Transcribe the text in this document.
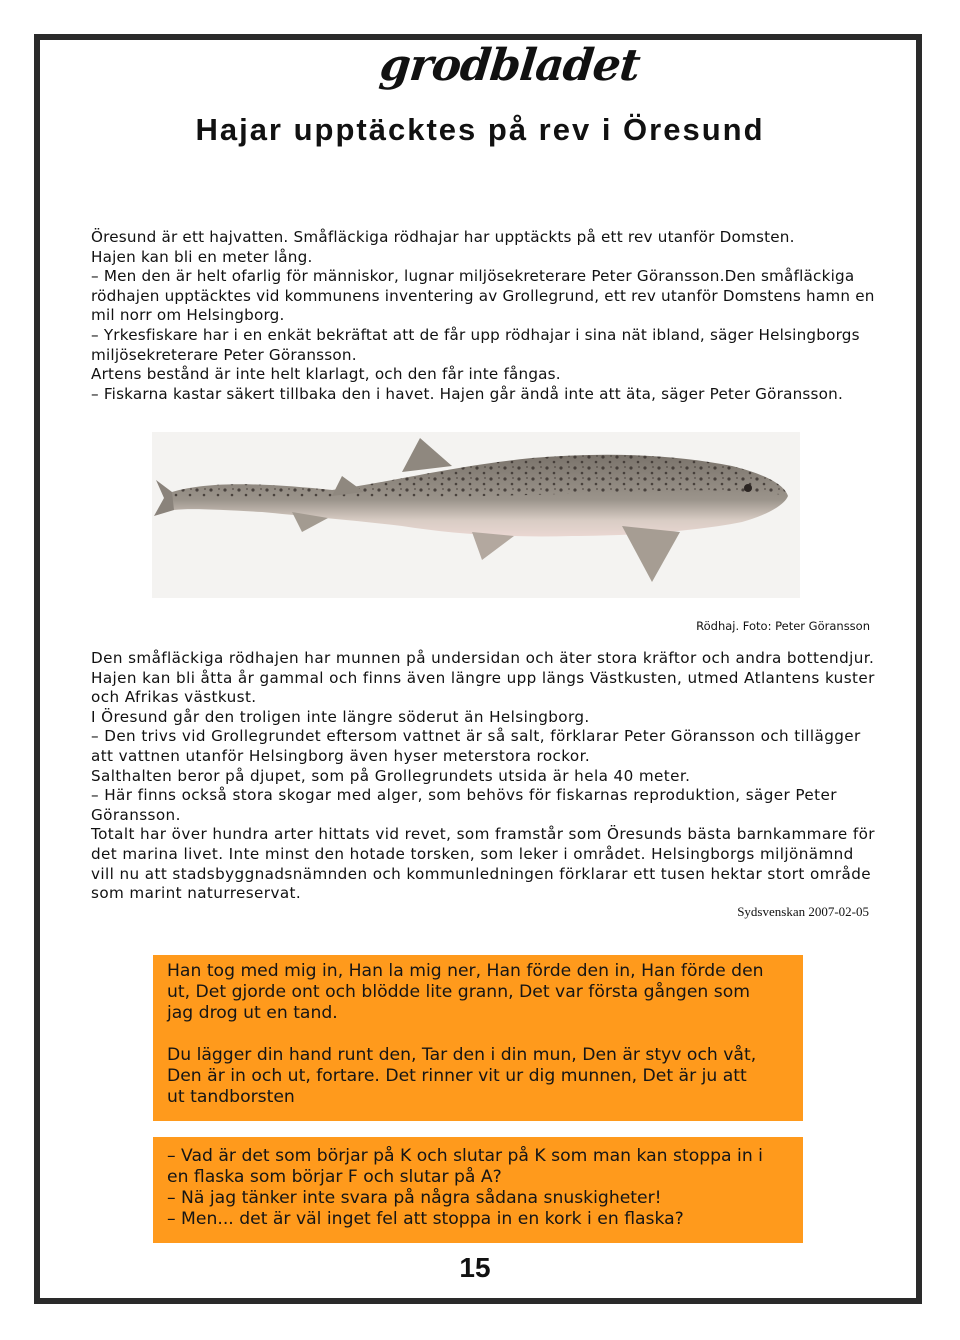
grodbladet
Hajar upptäcktes på rev i Öresund

Öresund är ett hajvatten. Småfläckiga rödhajar har upptäckts på ett rev utanför Domsten.

Hajen kan bli en meter lång.

– Men den är helt ofarlig för människor, lugnar miljösekreterare Peter Göransson.Den småfläckiga rödhajen upptäcktes vid kommunens inventering av Grollegrund, ett rev utanför Domstens hamn en mil norr om Helsingborg.

– Yrkesfiskare har i en enkät bekräftat att de får upp rödhajar i sina nät ibland, säger Helsingborgs miljösekreterare Peter Göransson.

Artens bestånd är inte helt klarlagt, och den får inte fångas.

– Fiskarna kastar säkert tillbaka den i havet. Hajen går ändå inte att äta, säger Peter Göransson.

Rödhaj. Foto: Peter Göransson

Den småfläckiga rödhajen har munnen på undersidan och äter stora kräftor och andra bottendjur. Hajen kan bli åtta år gammal och finns även längre upp längs Västkusten, utmed Atlantens kuster och Afrikas västkust.

I Öresund går den troligen inte längre söderut än Helsingborg.

– Den trivs vid Grollegrundet eftersom vattnet är så salt, förklarar Peter Göransson och tillägger att vattnen utanför Helsingborg även hyser meterstora rockor.

Salthalten beror på djupet, som på Grollegrundets utsida är hela 40 meter.

– Här finns också stora skogar med alger, som behövs för fiskarnas reproduktion, säger Peter Göransson.

Totalt har över hundra arter hittats vid revet, som framstår som Öresunds bästa barnkammare för det marina livet. Inte minst den hotade torsken, som leker i området. Helsingborgs miljönämnd vill nu att stadsbyggnadsnämnden och kommunledningen förklarar ett tusen hektar stort område som marint naturreservat.

Sydsvenskan 2007-02-05

Han tog med mig in, Han la mig ner, Han förde den in, Han förde den

ut, Det gjorde ont och blödde lite grann, Det var första gången som

jag drog ut en tand.

Du lägger din hand runt den, Tar den i din mun, Den är styv och våt,

Den är in och ut, fortare. Det rinner vit ur dig munnen, Det är ju att

ut tandborsten

– Vad är det som börjar på K och slutar på K som man kan stoppa in i

en flaska som börjar F och slutar på A?

– Nä jag tänker inte svara på några sådana snuskigheter!

– Men... det är väl inget fel att stoppa in en kork i en flaska?

15
